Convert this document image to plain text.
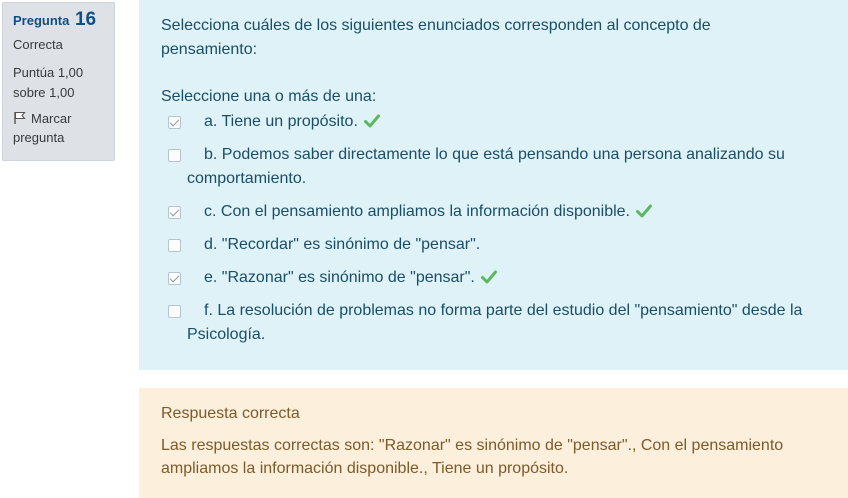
Pregunta 16
Correcta
Puntúa 1,00 sobre 1,00
Marcar pregunta
Selecciona cuáles de los siguientes enunciados corresponden al concepto de pensamiento:
Seleccione una o más de una:
a. Tiene un propósito.
b. Podemos saber directamente lo que está pensando una persona analizando su comportamiento.
c. Con el pensamiento ampliamos la información disponible.
d. "Recordar" es sinónimo de "pensar".
e. "Razonar" es sinónimo de "pensar".
f. La resolución de problemas no forma parte del estudio del "pensamiento" desde la Psicología.
Respuesta correcta
Las respuestas correctas son: "Razonar" es sinónimo de "pensar"., Con el pensamiento ampliamos la información disponible., Tiene un propósito.
